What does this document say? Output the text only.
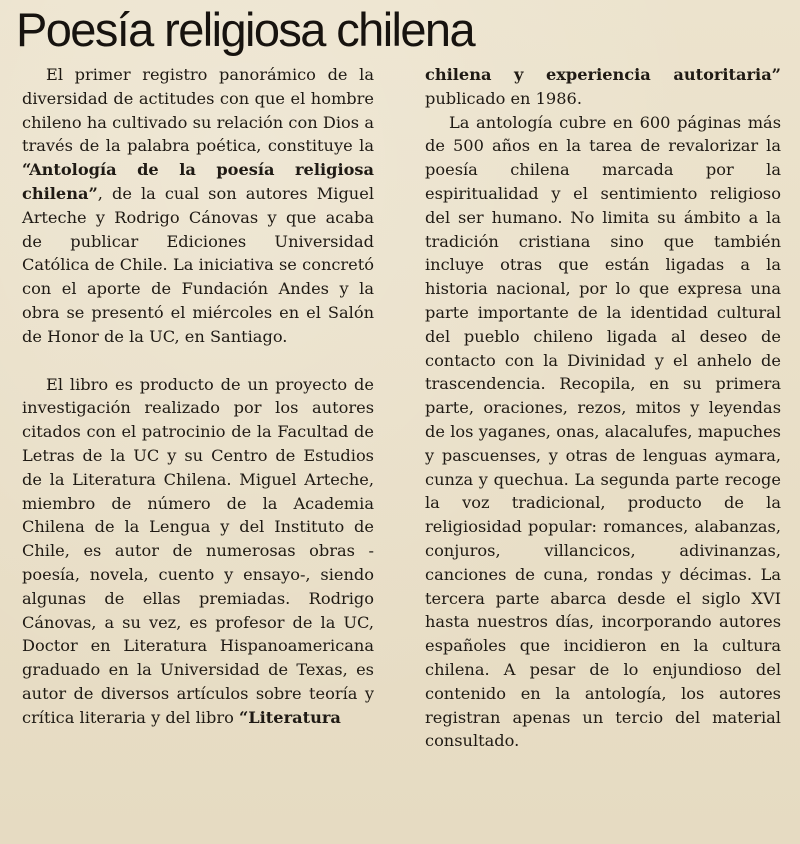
Poesía religiosa chilena

El primer registro panorámico de la diversidad de actitudes con que el hombre chileno ha cultivado su relación con Dios a través de la palabra poética, constituye la “Antología de la poesía religiosa chilena”, de la cual son autores Miguel Arteche y Rodrigo Cánovas y que acaba de publicar Ediciones Universidad Católica de Chile. La iniciativa se concretó con el aporte de Fundación Andes y la obra se presentó el miércoles en el Salón de Honor de la UC, en Santiago.

El libro es producto de un proyecto de investigación realizado por los autores citados con el patrocinio de la Facultad de Letras de la UC y su Centro de Estudios de la Literatura Chilena. Miguel Arteche, miembro de número de la Academia Chilena de la Lengua y del Instituto de Chile, es autor de numerosas obras -poesía, novela, cuento y ensayo-, siendo algunas de ellas premiadas. Rodrigo Cánovas, a su vez, es profesor de la UC, Doctor en Literatura Hispanoamericana graduado en la Universidad de Texas, es autor de diversos artículos sobre teoría y crítica literaria y del libro “Literatura

chilena y experiencia autoritaria” publicado en 1986.

La antología cubre en 600 páginas más de 500 años en la tarea de revalorizar la poesía chilena marcada por la espiritualidad y el sentimiento religioso del ser humano. No limita su ámbito a la tradición cristiana sino que también incluye otras que están ligadas a la historia nacional, por lo que expresa una parte importante de la identidad cultural del pueblo chileno ligada al deseo de contacto con la Divinidad y el anhelo de trascendencia. Recopila, en su primera parte, oraciones, rezos, mitos y leyendas de los yaganes, onas, alacalufes, mapuches y pascuenses, y otras de lenguas aymara, cunza y quechua. La segunda parte recoge la voz tradicional, producto de la religiosidad popular: romances, alabanzas, conjuros, villancicos, adivinanzas, canciones de cuna, rondas y décimas. La tercera parte abarca desde el siglo XVI hasta nuestros días, incorporando autores españoles que incidieron en la cultura chilena. A pesar de lo enjundioso del contenido en la antología, los autores registran apenas un tercio del material consultado.
